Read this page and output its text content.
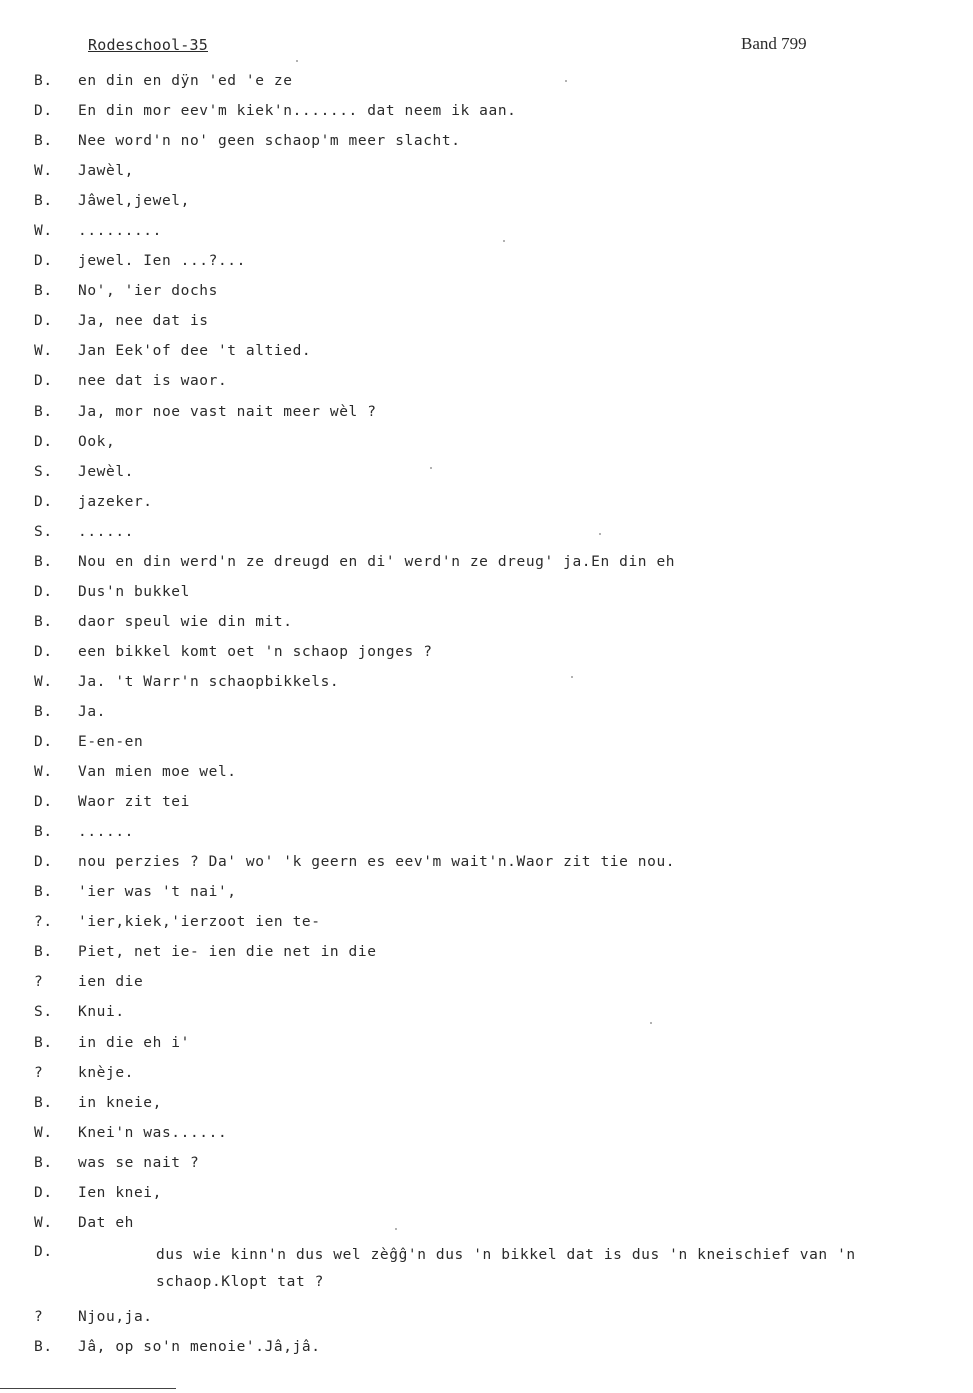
Rodeschool-35	Band 799
B.	en din en dÿn 'ed 'e ze
D.	En din mor eev'm kiek'n....... dat neem ik aan.
B.	Nee word'n no' geen schaop'm meer slacht.
W.	Jawèl,
B.	Jâwel,jewel,
W.	.........
D.	jewel. Ien ...?...
B.	No', 'ier dochs
D.	Ja, nee dat is
W.	Jan Eek'of dee 't altied.
D.	nee dat is waor.
B.	Ja, mor noe vast nait meer wèl ?
D.	Ook,
S.	Jewèl.
D.	jazeker.
S.	......
B.	Nou en din werd'n ze dreugd en di' werd'n ze dreug' ja.En din eh
D.	Dus'n bukkel
B.	daor speul wie din mit.
D.	een bikkel komt oet 'n schaop jonges ?
W.	Ja. 't Warr'n schaopbikkels.
B.	Ja.
D.	E-en-en
W.	Van mien moe wel.
D.	Waor zit tei
B.	......
D.	nou perzies ? Da' wo' 'k geern es eev'm wait'n.Waor zit tie nou.
B.	'ier was 't nai',
?.	'ier,kiek,'ierzoot ien te-
B.	Piet, net ie- ien die net in die
?	ien die
S.	Knui.
B.	in die eh i'
?	knèje.
B.	in kneie,
W.	Knei'n was......
B.	was se nait ?
D.	Ien knei,
W.	Dat eh
D.	dus wie kinn'n dus wel zèĝĝ'n dus 'n bikkel dat is dus 'n kneischief van 'n schaop.Klopt tat ?
?	Njou,ja.
B.	Jâ, op so'n menoie'.Jâ,jâ.
